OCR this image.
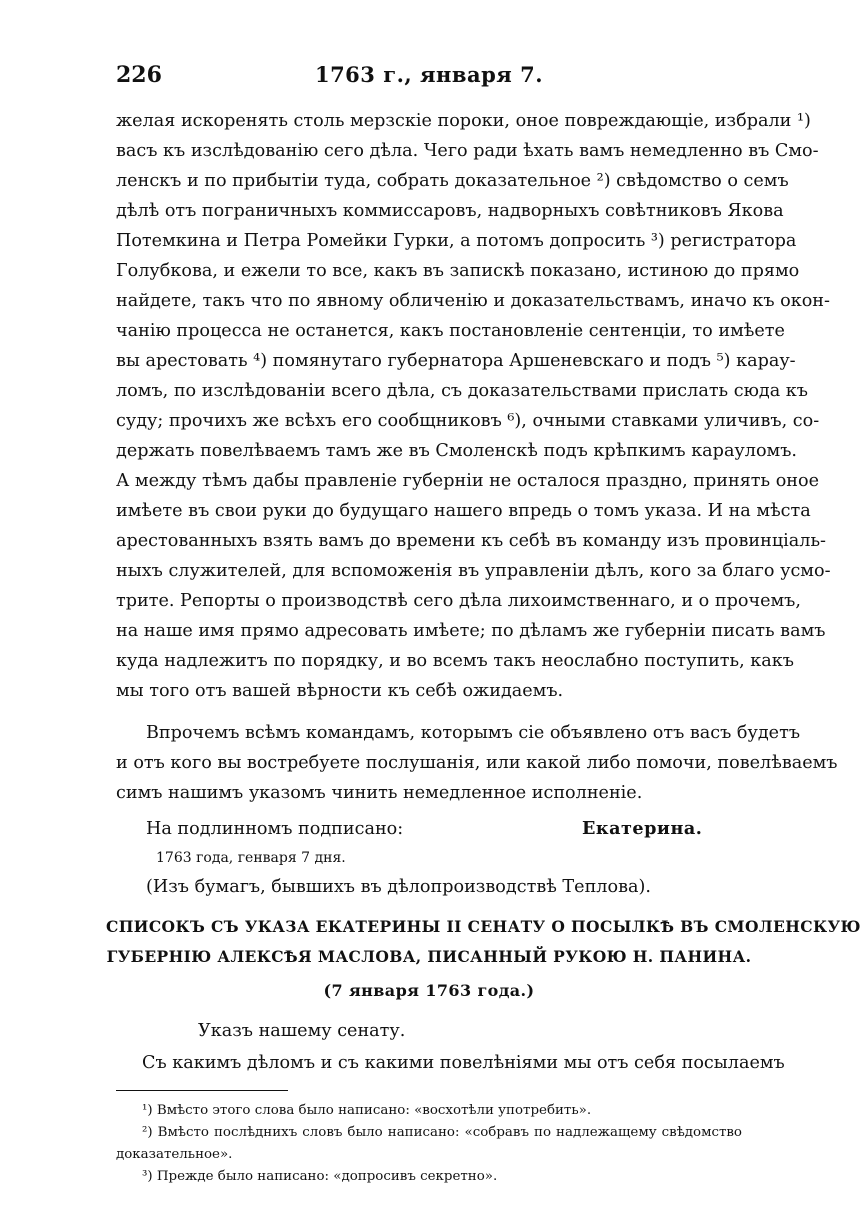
226	1763 г., января 7.
желая искоренять столь мерзскіе пороки, оное повреждающіе, избрали ¹)
васъ къ изслѣдованію сего дѣла. Чего ради ѣхать вамъ немедленно въ Смо-
ленскъ и по прибытіи туда, собрать доказательное ²) свѣдомство о семъ
дѣлѣ отъ пограничныхъ коммиссаровъ, надворныхъ совѣтниковъ Якова
Потемкина и Петра Ромейки Гурки, а потомъ допросить ³) регистратора
Голубкова, и ежели то все, какъ въ запискѣ показано, истиною до прямо
найдете, такъ что по явному обличенію и доказательствамъ, иначо къ окон-
чанію процесса не останется, какъ постановленіе сентенціи, то имѣете
вы арестовать ⁴) помянутаго губернатора Аршеневскаго и подъ ⁵) карау-
ломъ, по изслѣдованіи всего дѣла, съ доказательствами прислать сюда къ
суду; прочихъ же всѣхъ его сообщниковъ ⁶), очными ставками уличивъ, со-
держать повелѣваемъ тамъ же въ Смоленскѣ подъ крѣпкимъ карауломъ.
А между тѣмъ дабы правленіе губерніи не осталося праздно, принять оное
имѣете въ свои руки до будущаго нашего впредь о томъ указа. И на мѣста
арестованныхъ взять вамъ до времени къ себѣ въ команду изъ провинціаль-
ныхъ служителей, для вспоможенія въ управленіи дѣлъ, кого за благо усмо-
трите. Репорты о производствѣ сего дѣла лихоимственнаго, и о прочемъ,
на наше имя прямо адресовать имѣете; по дѣламъ же губерніи писать вамъ
куда надлежитъ по порядку, и во всемъ такъ неослабно поступить, какъ
мы того отъ вашей вѣрности къ себѣ ожидаемъ.
Впрочемъ всѣмъ командамъ, которымъ сіе объявлено отъ васъ будетъ
и отъ кого вы востребуете послушанія, или какой либо помочи, повелѣваемъ
симъ нашимъ указомъ чинить немедленное исполненіе.
На подлинномъ подписано:	Екатерина.
1763 года, генваря 7 дня.
(Изъ бумагъ, бывшихъ въ дѣлопроизводствѣ Теплова).
СПИСОКЪ СЪ УКАЗА ЕКАТЕРИНЫ II СЕНАТУ О ПОСЫЛКѢ ВЪ СМОЛЕНСКУЮ
ГУБЕРНІЮ АЛЕКСѢЯ МАСЛОВА, ПИСАННЫЙ РУКОЮ Н. ПАНИНА.
(7 января 1763 года.)
Указъ нашему сенату.
Съ какимъ дѣломъ и съ какими повелѣніями мы отъ себя посылаемъ
¹) Вмѣсто этого слова было написано: «восхотѣли употребить».
²) Вмѣсто послѣднихъ словъ было написано: «собравъ по надлежащему свѣдомство
доказательное».
³) Прежде было написано: «допросивъ секретно».
